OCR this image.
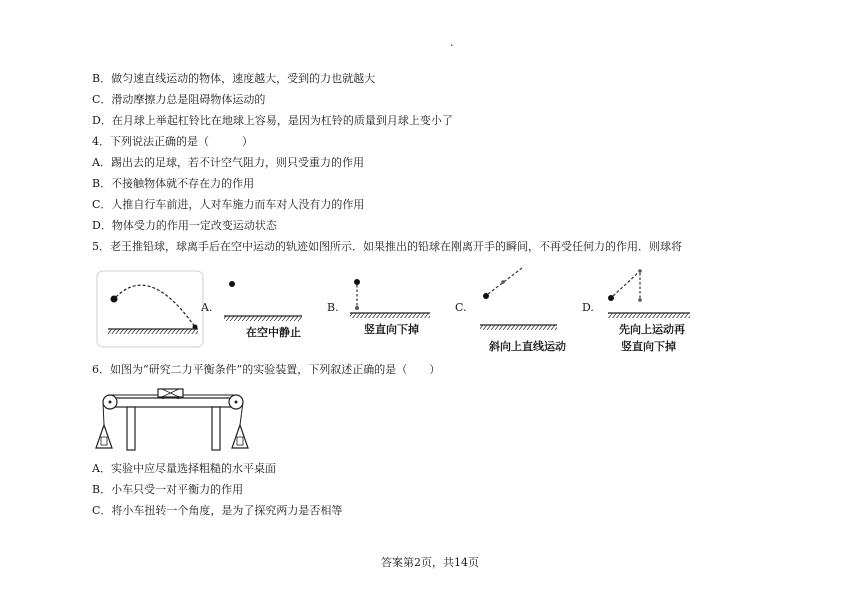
.
B．做匀速直线运动的物体，速度越大，受到的力也就越大
C．滑动摩擦力总是阻碍物体运动的
D．在月球上举起杠铃比在地球上容易，是因为杠铃的质量到月球上变小了
4．下列说法正确的是（　　　）
A．踢出去的足球，若不计空气阻力，则只受重力的作用
B．不接触物体就不存在力的作用
C．人推自行车前进，人对车施力而车对人没有力的作用
D．物体受力的作用一定改变运动状态
5．老王推铅球，球离手后在空中运动的轨迹如图所示．如果推出的铅球在刚离开手的瞬间，不再受任何力的作用．则球将
A.	B.	C.	D.
在空中静止	竖直向下掉
斜向上直线运动
先向上运动再
竖直向下掉
6．如图为“研究二力平衡条件”的实验装置，下列叙述正确的是（　　）
A．实验中应尽量选择粗糙的水平桌面
B．小车只受一对平衡力的作用
C．将小车扭转一个角度，是为了探究两力是否相等
答案第2页，共14页
